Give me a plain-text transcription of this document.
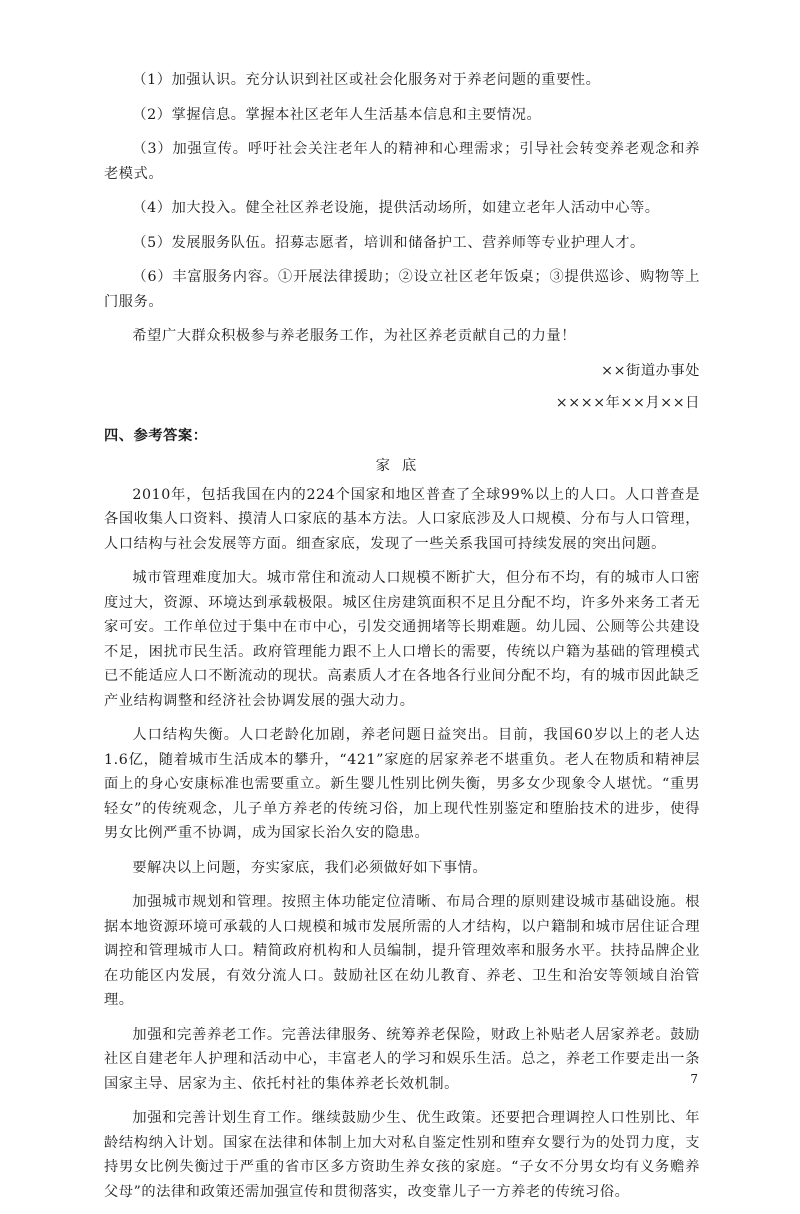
（1）加强认识。充分认识到社区或社会化服务对于养老问题的重要性。

（2）掌握信息。掌握本社区老年人生活基本信息和主要情况。

（3）加强宣传。呼吁社会关注老年人的精神和心理需求；引导社会转变养老观念和养老模式。

（4）加大投入。健全社区养老设施，提供活动场所，如建立老年人活动中心等。

（5）发展服务队伍。招募志愿者，培训和储备护工、营养师等专业护理人才。

（6）丰富服务内容。①开展法律援助；②设立社区老年饭桌；③提供巡诊、购物等上门服务。

希望广大群众积极参与养老服务工作，为社区养老贡献自己的力量！

××街道办事处

××××年××月××日

四、参考答案：

家底

2010年，包括我国在内的224个国家和地区普查了全球99%以上的人口。人口普查是各国收集人口资料、摸清人口家底的基本方法。人口家底涉及人口规模、分布与人口管理，人口结构与社会发展等方面。细查家底，发现了一些关系我国可持续发展的突出问题。

城市管理难度加大。城市常住和流动人口规模不断扩大，但分布不均，有的城市人口密度过大，资源、环境达到承载极限。城区住房建筑面积不足且分配不均，许多外来务工者无家可安。工作单位过于集中在市中心，引发交通拥堵等长期难题。幼儿园、公厕等公共建设不足，困扰市民生活。政府管理能力跟不上人口增长的需要，传统以户籍为基础的管理模式已不能适应人口不断流动的现状。高素质人才在各地各行业间分配不均，有的城市因此缺乏产业结构调整和经济社会协调发展的强大动力。

人口结构失衡。人口老龄化加剧，养老问题日益突出。目前，我国60岁以上的老人达1.6亿，随着城市生活成本的攀升，“421”家庭的居家养老不堪重负。老人在物质和精神层面上的身心安康标准也需要重立。新生婴儿性别比例失衡，男多女少现象令人堪忧。“重男轻女”的传统观念，儿子单方养老的传统习俗，加上现代性别鉴定和堕胎技术的进步，使得男女比例严重不协调，成为国家长治久安的隐患。

要解决以上问题，夯实家底，我们必须做好如下事情。

加强城市规划和管理。按照主体功能定位清晰、布局合理的原则建设城市基础设施。根据本地资源环境可承载的人口规模和城市发展所需的人才结构，以户籍制和城市居住证合理调控和管理城市人口。精简政府机构和人员编制，提升管理效率和服务水平。扶持品牌企业在功能区内发展，有效分流人口。鼓励社区在幼儿教育、养老、卫生和治安等领域自治管理。

加强和完善养老工作。完善法律服务、统筹养老保险，财政上补贴老人居家养老。鼓励社区自建老年人护理和活动中心，丰富老人的学习和娱乐生活。总之，养老工作要走出一条国家主导、居家为主、依托村社的集体养老长效机制。

加强和完善计划生育工作。继续鼓励少生、优生政策。还要把合理调控人口性别比、年龄结构纳入计划。国家在法律和体制上加大对私自鉴定性别和堕弃女婴行为的处罚力度，支持男女比例失衡过于严重的省市区多方资助生养女孩的家庭。“子女不分男女均有义务赡养父母”的法律和政策还需加强宣传和贯彻落实，改变靠儿子一方养老的传统习俗。

7
